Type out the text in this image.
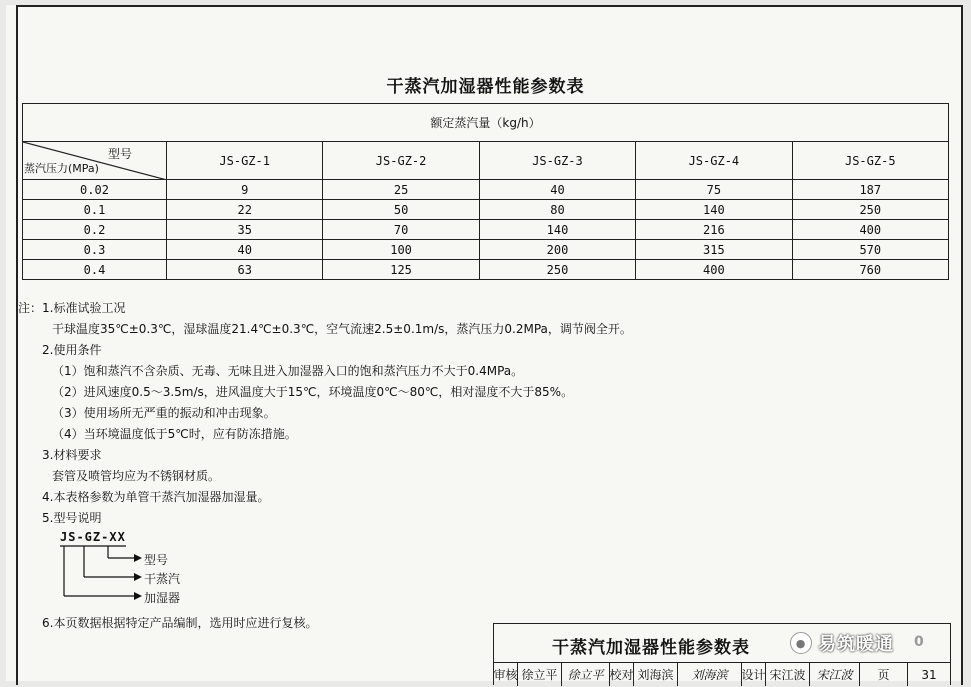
干蒸汽加湿器性能参数表
额定蒸汽量（kg/h）					

型号
蒸汽压力(MPa)	JS-GZ-1	JS-GZ-2	JS-GZ-3	JS-GZ-4	JS-GZ-5
0.02	9	25	40	75	187
0.1	22	50	80	140	250
0.2	35	70	140	216	400
0.3	40	100	200	315	570
0.4	63	125	250	400	760
注：1.标准试验工况
干球温度35℃±0.3℃，湿球温度21.4℃±0.3℃，空气流速2.5±0.1m/s，蒸汽压力0.2MPa，调节阀全开。
2.使用条件
（1）饱和蒸汽不含杂质、无毒、无味且进入加湿器入口的饱和蒸汽压力不大于0.4MPa。
（2）进风速度0.5～3.5m/s，进风温度大于15℃，环境温度0℃～80℃，相对湿度不大于85%。
（3）使用场所无严重的振动和冲击现象。
（4）当环境温度低于5℃时，应有防冻措施。
3.材料要求
套管及喷管均应为不锈钢材质。
4.本表格参数为单管干蒸汽加湿器加湿量。
5.型号说明
6.本页数据根据特定产品编制，选用时应进行复核。
JS-GZ-XX
型号
干蒸汽
加湿器
干蒸汽加湿器性能参数表	● 易筑暖通 0
审核 徐立平 徐立平 校对 刘海滨	刘海滨	设计 宋江波 宋江波	页	31
